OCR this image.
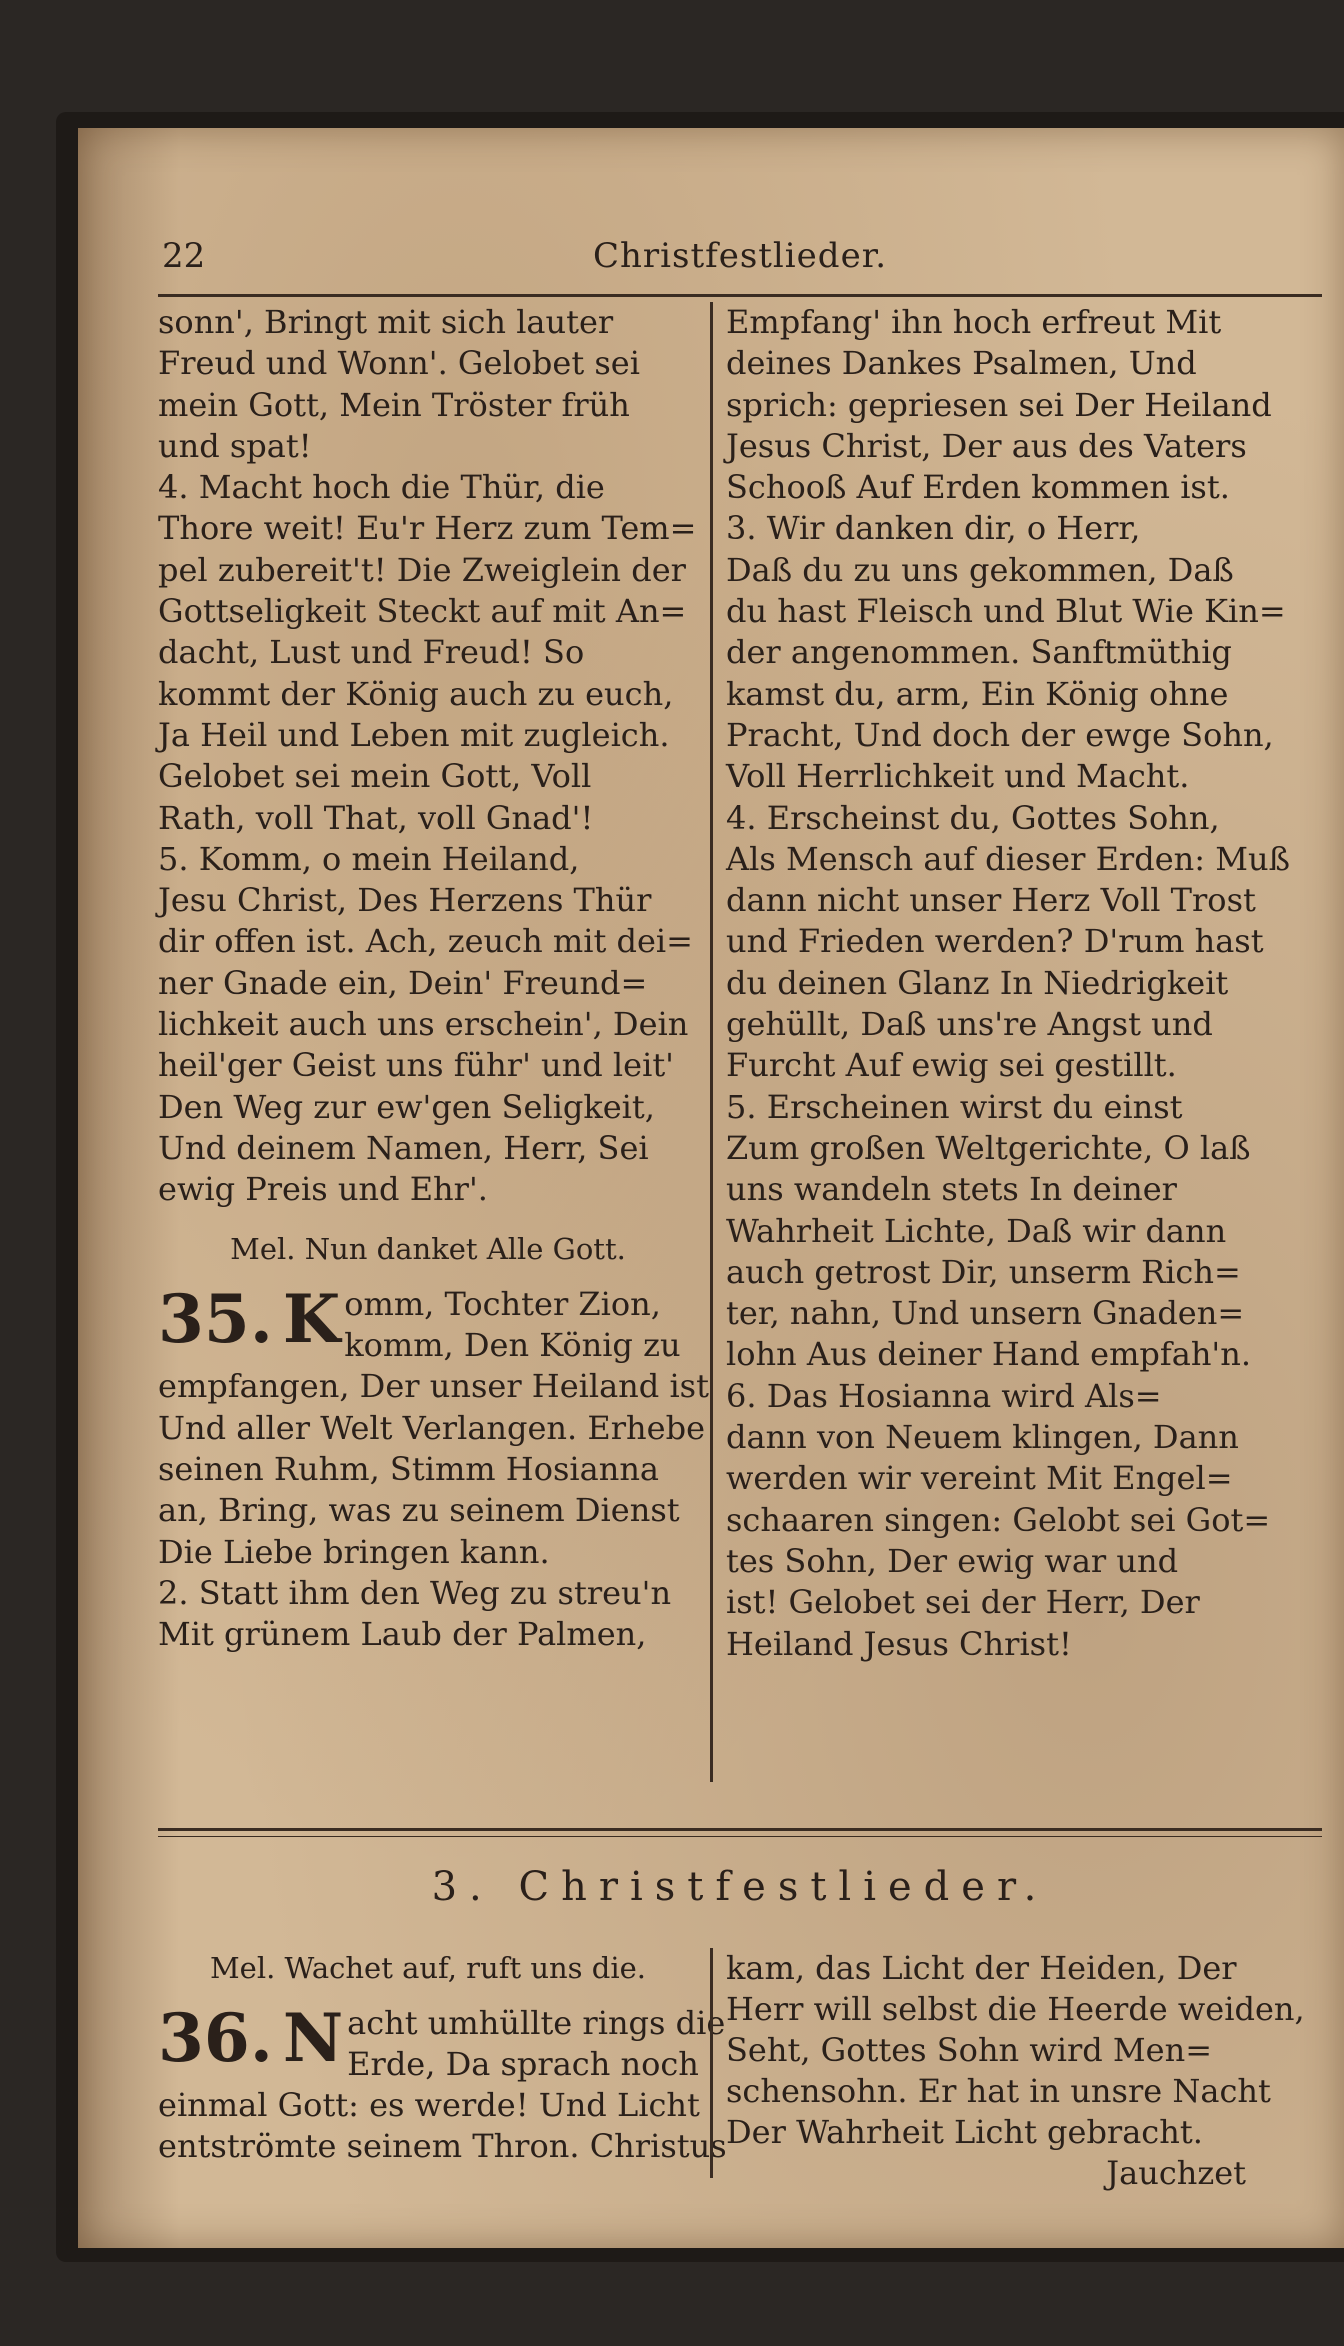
22	Christfestlieder.
sonn', Bringt mit sich lauter
Freud und Wonn'. Gelobet sei
mein Gott, Mein Tröster früh
und spat!
4. Macht hoch die Thür, die
Thore weit! Eu'r Herz zum Tem=
pel zubereit't! Die Zweiglein der
Gottseligkeit Steckt auf mit An=
dacht, Lust und Freud! So
kommt der König auch zu euch,
Ja Heil und Leben mit zugleich.
Gelobet sei mein Gott, Voll
Rath, voll That, voll Gnad'!
5. Komm, o mein Heiland,
Jesu Christ, Des Herzens Thür
dir offen ist. Ach, zeuch mit dei=
ner Gnade ein, Dein' Freund=
lichkeit auch uns erschein', Dein
heil'ger Geist uns führ' und leit'
Den Weg zur ew'gen Seligkeit,
Und deinem Namen, Herr, Sei
ewig Preis und Ehr'.
Mel. Nun danket Alle Gott.
35. K omm, Tochter Zion,
komm, Den König zu
empfangen, Der unser Heiland ist
Und aller Welt Verlangen. Erhebe
seinen Ruhm, Stimm Hosianna
an, Bring, was zu seinem Dienst
Die Liebe bringen kann.
2. Statt ihm den Weg zu streu'n
Mit grünem Laub der Palmen,
Empfang' ihn hoch erfreut Mit
deines Dankes Psalmen, Und
sprich: gepriesen sei Der Heiland
Jesus Christ, Der aus des Vaters
Schooß Auf Erden kommen ist.
3. Wir danken dir, o Herr,
Daß du zu uns gekommen, Daß
du hast Fleisch und Blut Wie Kin=
der angenommen. Sanftmüthig
kamst du, arm, Ein König ohne
Pracht, Und doch der ewge Sohn,
Voll Herrlichkeit und Macht.
4. Erscheinst du, Gottes Sohn,
Als Mensch auf dieser Erden: Muß
dann nicht unser Herz Voll Trost
und Frieden werden? D'rum hast
du deinen Glanz In Niedrigkeit
gehüllt, Daß uns're Angst und
Furcht Auf ewig sei gestillt.
5. Erscheinen wirst du einst
Zum großen Weltgerichte, O laß
uns wandeln stets In deiner
Wahrheit Lichte, Daß wir dann
auch getrost Dir, unserm Rich=
ter, nahn, Und unsern Gnaden=
lohn Aus deiner Hand empfah'n.
6. Das Hosianna wird Als=
dann von Neuem klingen, Dann
werden wir vereint Mit Engel=
schaaren singen: Gelobt sei Got=
tes Sohn, Der ewig war und
ist! Gelobet sei der Herr, Der
Heiland Jesus Christ!
3. Christfestlieder.
Mel. Wachet auf, ruft uns die.
36. N acht umhüllte rings die
Erde, Da sprach noch
einmal Gott: es werde! Und Licht
entströmte seinem Thron. Christus
kam, das Licht der Heiden, Der
Herr will selbst die Heerde weiden,
Seht, Gottes Sohn wird Men=
schensohn. Er hat in unsre Nacht
Der Wahrheit Licht gebracht.
Jauchzet
